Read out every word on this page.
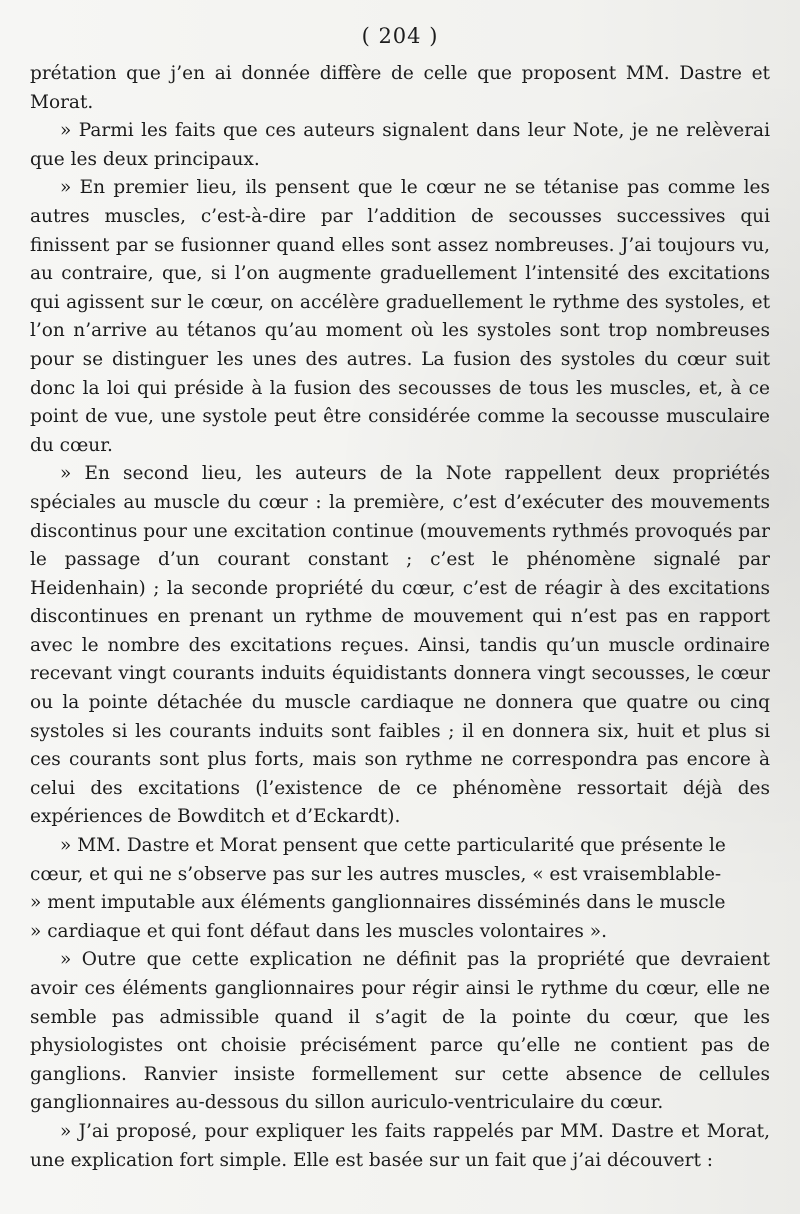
( 204 )

prétation que j’en ai donnée diffère de celle que proposent MM. Dastre et Morat.

» Parmi les faits que ces auteurs signalent dans leur Note, je ne relèverai que les deux principaux.

» En premier lieu, ils pensent que le cœur ne se tétanise pas comme les autres muscles, c’est-à-dire par l’addition de secousses successives qui finissent par se fusionner quand elles sont assez nombreuses. J’ai toujours vu, au contraire, que, si l’on augmente graduellement l’intensité des excitations qui agissent sur le cœur, on accélère graduellement le rythme des systoles, et l’on n’arrive au tétanos qu’au moment où les systoles sont trop nombreuses pour se distinguer les unes des autres. La fusion des systoles du cœur suit donc la loi qui préside à la fusion des secousses de tous les muscles, et, à ce point de vue, une systole peut être considérée comme la secousse musculaire du cœur.

» En second lieu, les auteurs de la Note rappellent deux propriétés spéciales au muscle du cœur : la première, c’est d’exécuter des mouvements discontinus pour une excitation continue (mouvements rythmés provoqués par le passage d’un courant constant ; c’est le phénomène signalé par Heidenhain) ; la seconde propriété du cœur, c’est de réagir à des excitations discontinues en prenant un rythme de mouvement qui n’est pas en rapport avec le nombre des excitations reçues. Ainsi, tandis qu’un muscle ordinaire recevant vingt courants induits équidistants donnera vingt secousses, le cœur ou la pointe détachée du muscle cardiaque ne donnera que quatre ou cinq systoles si les courants induits sont faibles ; il en donnera six, huit et plus si ces courants sont plus forts, mais son rythme ne correspondra pas encore à celui des excitations (l’existence de ce phénomène ressortait déjà des expériences de Bowditch et d’Eckardt).

» MM. Dastre et Morat pensent que cette particularité que présente le

cœur, et qui ne s’observe pas sur les autres muscles, « est vraisemblable-

» ment imputable aux éléments ganglionnaires disséminés dans le muscle

» cardiaque et qui font défaut dans les muscles volontaires ».

» Outre que cette explication ne définit pas la propriété que devraient avoir ces éléments ganglionnaires pour régir ainsi le rythme du cœur, elle ne semble pas admissible quand il s’agit de la pointe du cœur, que les physiologistes ont choisie précisément parce qu’elle ne contient pas de ganglions. Ranvier insiste formellement sur cette absence de cellules ganglionnaires au-dessous du sillon auriculo-ventriculaire du cœur.

» J’ai proposé, pour expliquer les faits rappelés par MM. Dastre et Morat, une explication fort simple. Elle est basée sur un fait que j’ai découvert :
